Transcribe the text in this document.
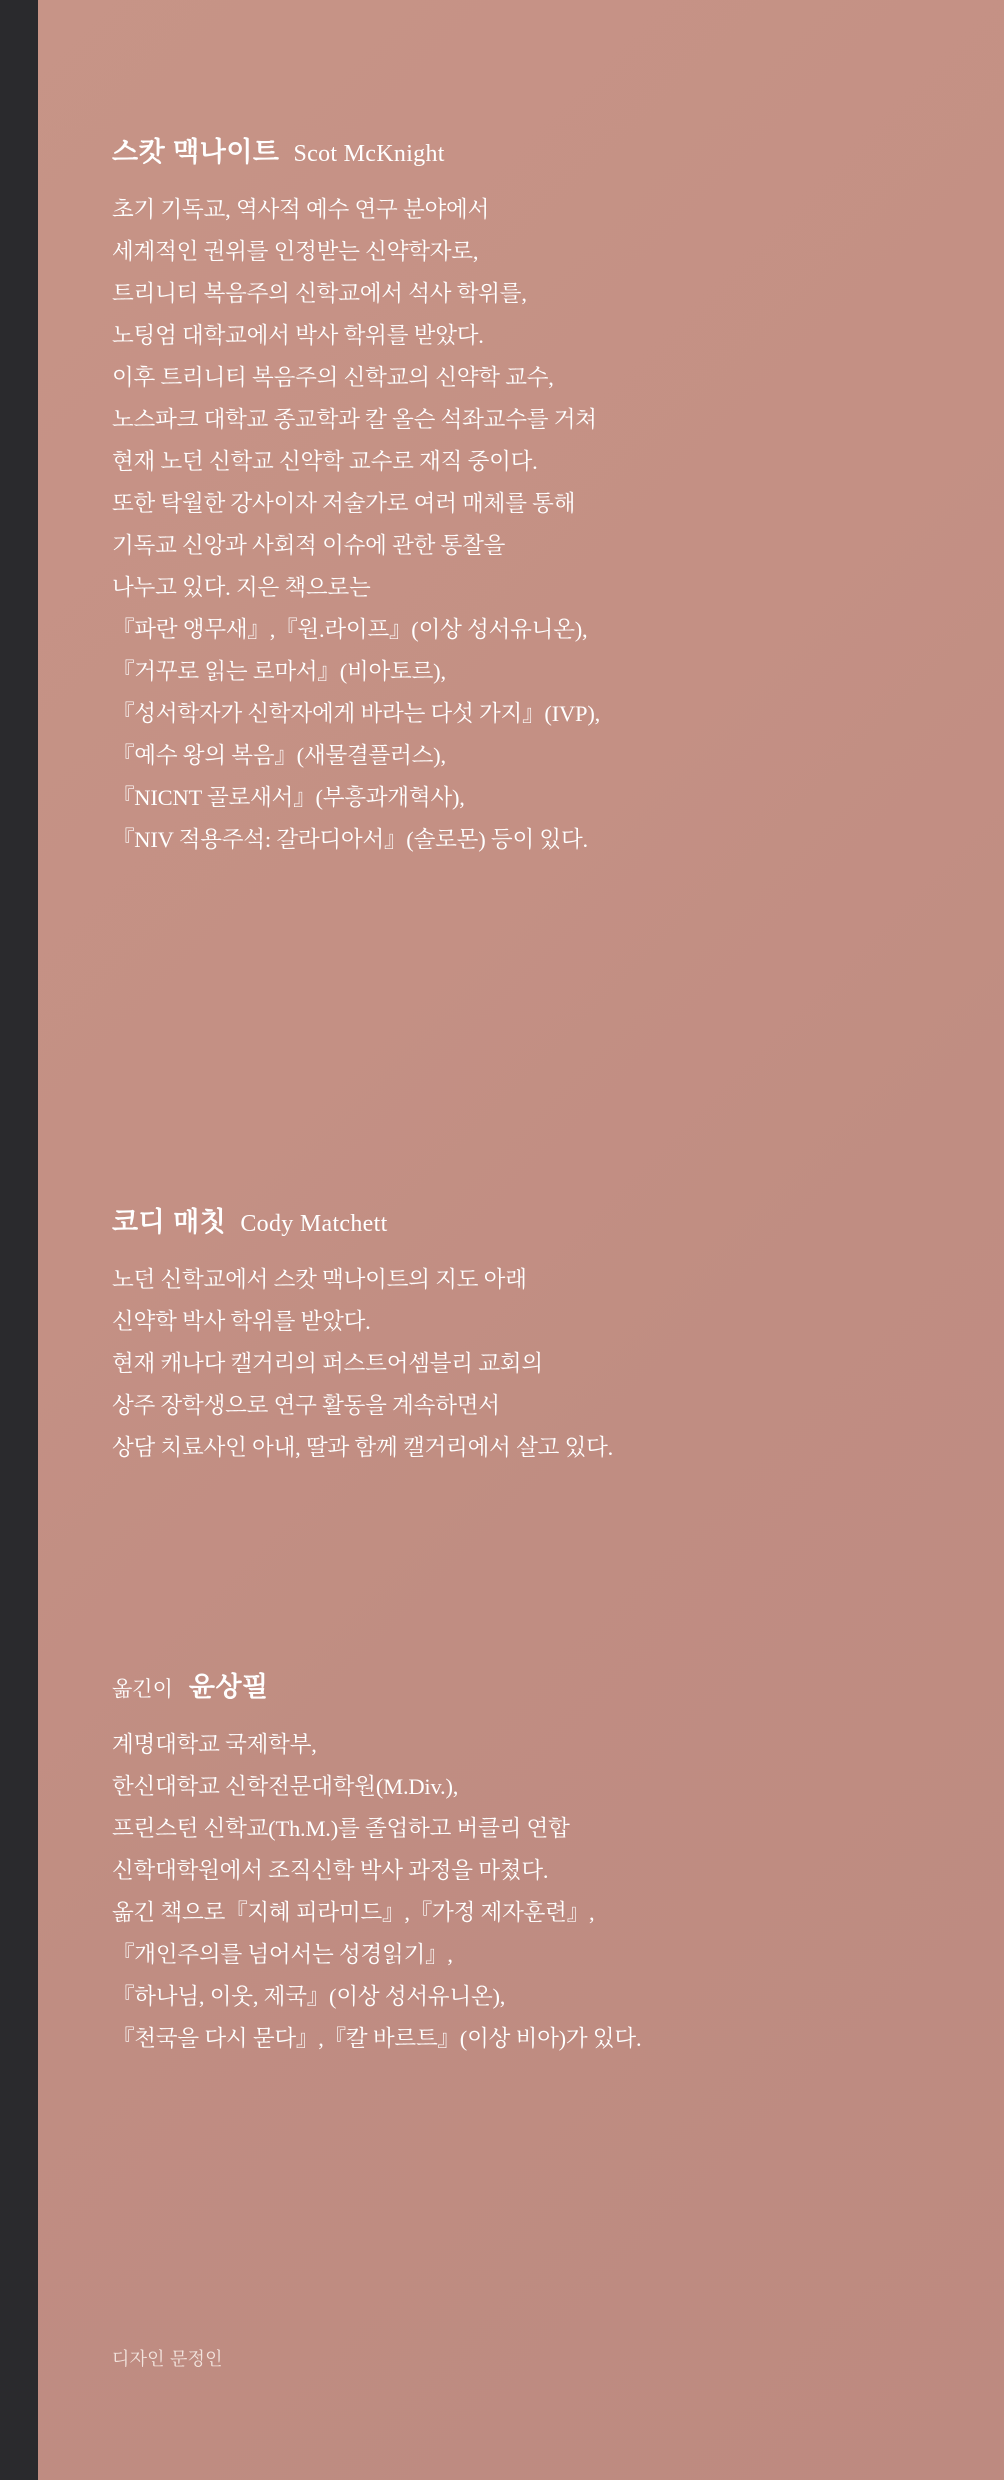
스캇 맥나이트 Scot McKnight

초기 기독교, 역사적 예수 연구 분야에서

세계적인 권위를 인정받는 신약학자로,

트리니티 복음주의 신학교에서 석사 학위를,

노팅엄 대학교에서 박사 학위를 받았다.

이후 트리니티 복음주의 신학교의 신약학 교수,

노스파크 대학교 종교학과 칼 올슨 석좌교수를 거쳐

현재 노던 신학교 신약학 교수로 재직 중이다.

또한 탁월한 강사이자 저술가로 여러 매체를 통해

기독교 신앙과 사회적 이슈에 관한 통찰을

나누고 있다. 지은 책으로는

『파란 앵무새』,『원.라이프』(이상 성서유니온),

『거꾸로 읽는 로마서』(비아토르),

『성서학자가 신학자에게 바라는 다섯 가지』(IVP),

『예수 왕의 복음』(새물결플러스),

『NICNT 골로새서』(부흥과개혁사),

『NIV 적용주석: 갈라디아서』(솔로몬) 등이 있다.

코디 매칫 Cody Matchett

노던 신학교에서 스캇 맥나이트의 지도 아래

신약학 박사 학위를 받았다.

현재 캐나다 캘거리의 퍼스트어셈블리 교회의

상주 장학생으로 연구 활동을 계속하면서

상담 치료사인 아내, 딸과 함께 캘거리에서 살고 있다.

옮긴이 윤상필

계명대학교 국제학부,

한신대학교 신학전문대학원(M.Div.),

프린스턴 신학교(Th.M.)를 졸업하고 버클리 연합

신학대학원에서 조직신학 박사 과정을 마쳤다.

옮긴 책으로『지혜 피라미드』,『가정 제자훈련』,

『개인주의를 넘어서는 성경읽기』,

『하나님, 이웃, 제국』(이상 성서유니온),

『천국을 다시 묻다』,『칼 바르트』(이상 비아)가 있다.

디자인 문정인
